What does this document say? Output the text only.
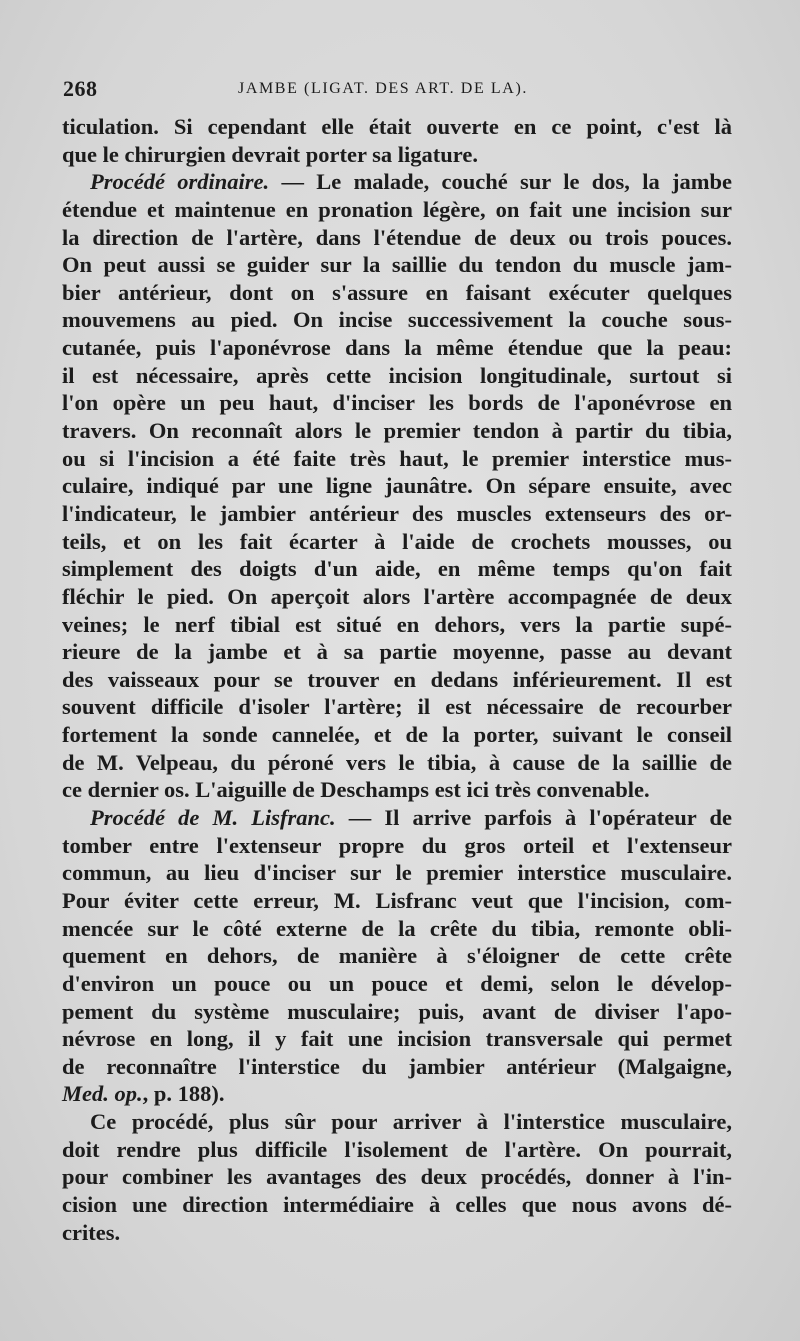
268	JAMBE (LIGAT. DES ART. DE LA).
ticulation. Si cependant elle était ouverte en ce point, c'est là
que le chirurgien devrait porter sa ligature.
Procédé ordinaire. — Le malade, couché sur le dos, la jambe
étendue et maintenue en pronation légère, on fait une incision sur
la direction de l'artère, dans l'étendue de deux ou trois pouces.
On peut aussi se guider sur la saillie du tendon du muscle jam-
bier antérieur, dont on s'assure en faisant exécuter quelques
mouvemens au pied. On incise successivement la couche sous-
cutanée, puis l'aponévrose dans la même étendue que la peau:
il est nécessaire, après cette incision longitudinale, surtout si
l'on opère un peu haut, d'inciser les bords de l'aponévrose en
travers. On reconnaît alors le premier tendon à partir du tibia,
ou si l'incision a été faite très haut, le premier interstice mus-
culaire, indiqué par une ligne jaunâtre. On sépare ensuite, avec
l'indicateur, le jambier antérieur des muscles extenseurs des or-
teils, et on les fait écarter à l'aide de crochets mousses, ou
simplement des doigts d'un aide, en même temps qu'on fait
fléchir le pied. On aperçoit alors l'artère accompagnée de deux
veines; le nerf tibial est situé en dehors, vers la partie supé-
rieure de la jambe et à sa partie moyenne, passe au devant
des vaisseaux pour se trouver en dedans inférieurement. Il est
souvent difficile d'isoler l'artère; il est nécessaire de recourber
fortement la sonde cannelée, et de la porter, suivant le conseil
de M. Velpeau, du péroné vers le tibia, à cause de la saillie de
ce dernier os. L'aiguille de Deschamps est ici très convenable.
Procédé de M. Lisfranc. — Il arrive parfois à l'opérateur de
tomber entre l'extenseur propre du gros orteil et l'extenseur
commun, au lieu d'inciser sur le premier interstice musculaire.
Pour éviter cette erreur, M. Lisfranc veut que l'incision, com-
mencée sur le côté externe de la crête du tibia, remonte obli-
quement en dehors, de manière à s'éloigner de cette crête
d'environ un pouce ou un pouce et demi, selon le dévelop-
pement du système musculaire; puis, avant de diviser l'apo-
névrose en long, il y fait une incision transversale qui permet
de reconnaître l'interstice du jambier antérieur (Malgaigne,
Med. op., p. 188).
Ce procédé, plus sûr pour arriver à l'interstice musculaire,
doit rendre plus difficile l'isolement de l'artère. On pourrait,
pour combiner les avantages des deux procédés, donner à l'in-
cision une direction intermédiaire à celles que nous avons dé-
crites.
